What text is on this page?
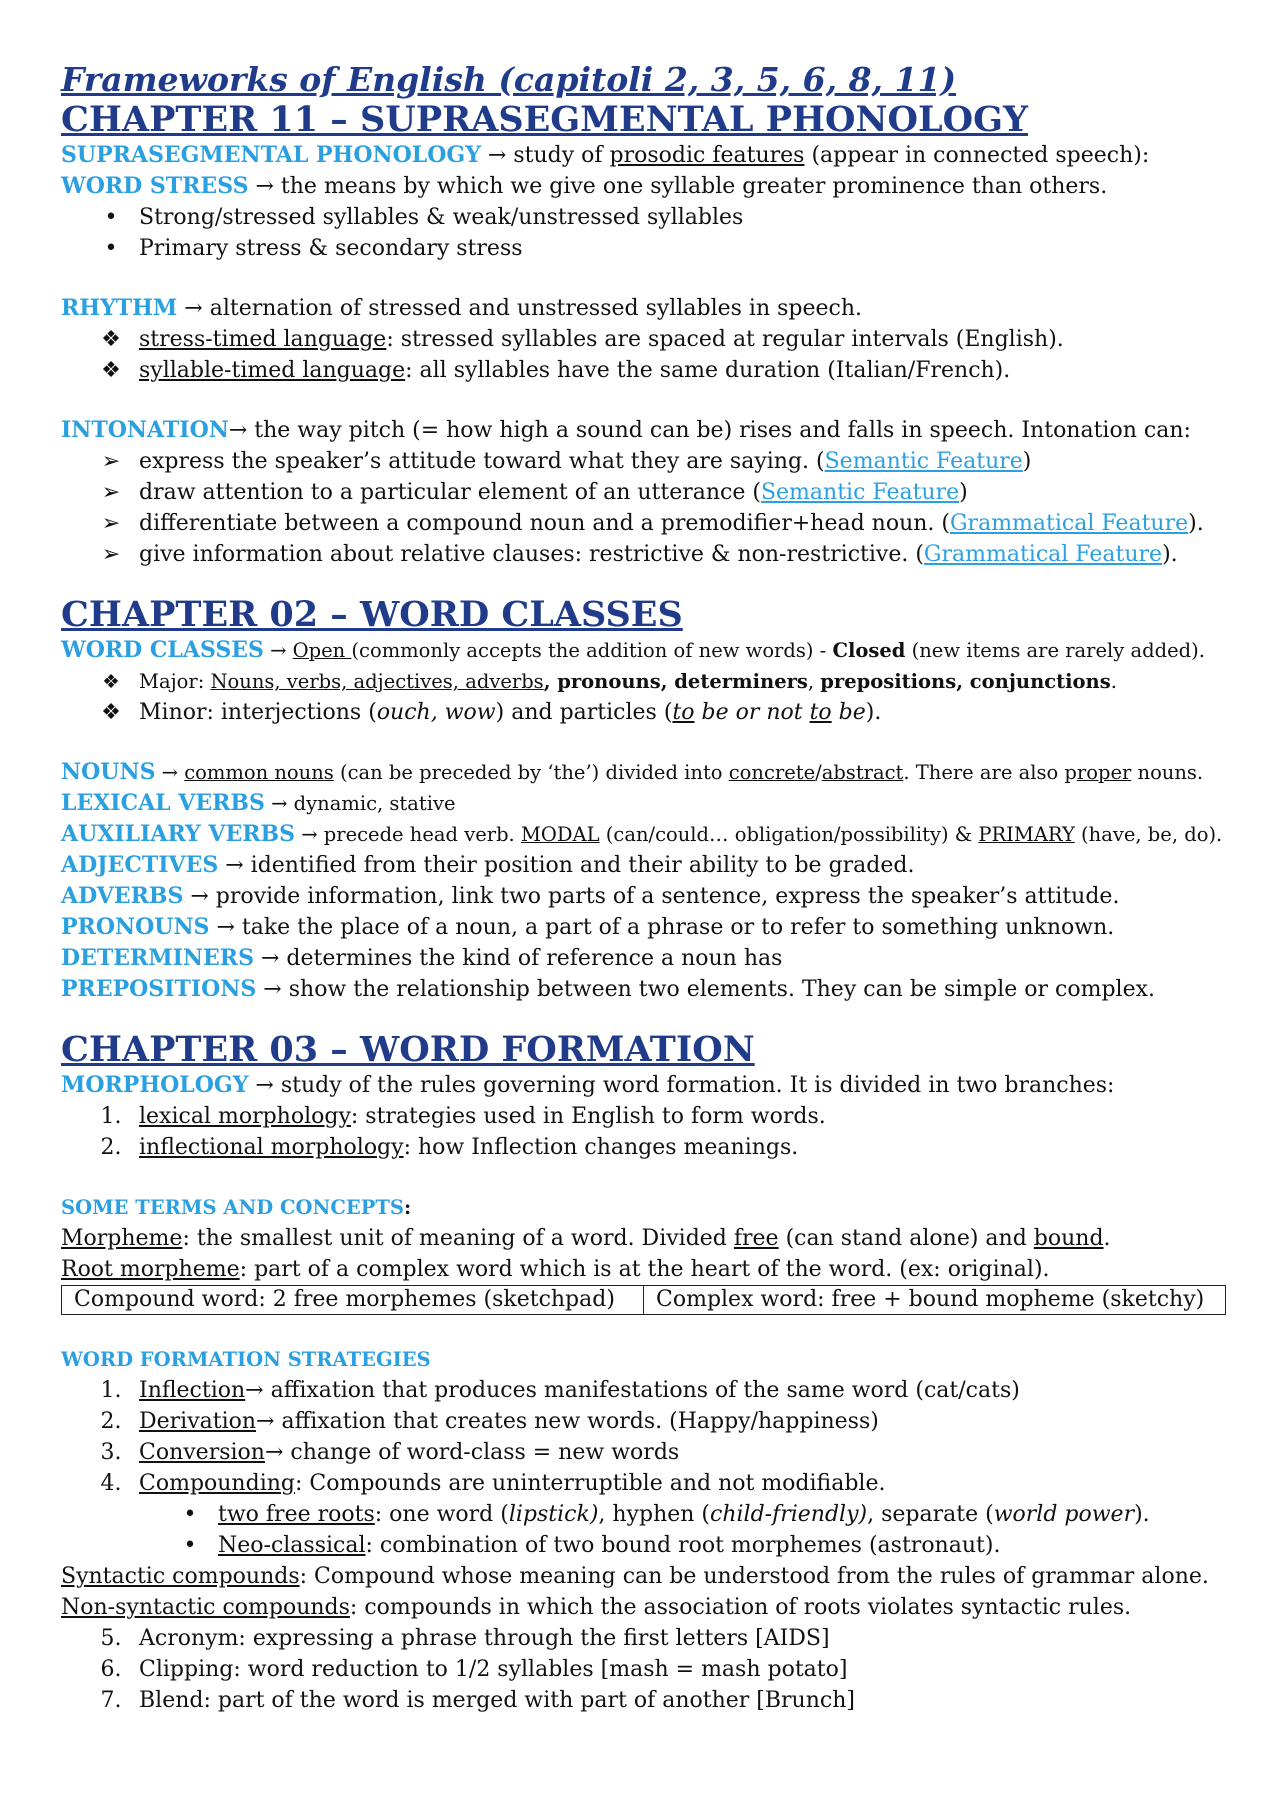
Frameworks of English (capitoli 2, 3, 5, 6, 8, 11)
CHAPTER 11 – SUPRASEGMENTAL PHONOLOGY
SUPRASEGMENTAL PHONOLOGY → study of prosodic features (appear in connected speech):
WORD STRESS → the means by which we give one syllable greater prominence than others.
• Strong/stressed syllables & weak/unstressed syllables
• Primary stress & secondary stress
RHYTHM → alternation of stressed and unstressed syllables in speech.
❖ stress-timed language: stressed syllables are spaced at regular intervals (English).
❖ syllable-timed language: all syllables have the same duration (Italian/French).
INTONATION→ the way pitch (= how high a sound can be) rises and falls in speech. Intonation can:
➢ express the speaker’s attitude toward what they are saying. (Semantic Feature)
➢ draw attention to a particular element of an utterance (Semantic Feature)
➢ differentiate between a compound noun and a premodifier+head noun. (Grammatical Feature).
➢ give information about relative clauses: restrictive & non-restrictive. (Grammatical Feature).
CHAPTER 02 – WORD CLASSES
WORD CLASSES → Open (commonly accepts the addition of new words) - Closed (new items are rarely added).
❖ Major: Nouns, verbs, adjectives, adverbs, pronouns, determiners, prepositions, conjunctions.
❖ Minor: interjections (ouch, wow) and particles (to be or not to be).
NOUNS → common nouns (can be preceded by ‘the’) divided into concrete/abstract. There are also proper nouns.
LEXICAL VERBS → dynamic, stative
AUXILIARY VERBS → precede head verb. MODAL (can/could… obligation/possibility) & PRIMARY (have, be, do).
ADJECTIVES → identified from their position and their ability to be graded.
ADVERBS → provide information, link two parts of a sentence, express the speaker’s attitude.
PRONOUNS → take the place of a noun, a part of a phrase or to refer to something unknown.
DETERMINERS → determines the kind of reference a noun has
PREPOSITIONS → show the relationship between two elements. They can be simple or complex.
CHAPTER 03 – WORD FORMATION
MORPHOLOGY → study of the rules governing word formation. It is divided in two branches:
1. lexical morphology: strategies used in English to form words.
2. inflectional morphology: how Inflection changes meanings.
SOME TERMS AND CONCEPTS:
Morpheme: the smallest unit of meaning of a word. Divided free (can stand alone) and bound.
Root morpheme: part of a complex word which is at the heart of the word. (ex: original).
Compound word: 2 free morphemes (sketchpad)	Complex word: free + bound mopheme (sketchy)
WORD FORMATION STRATEGIES
1. Inflection→ affixation that produces manifestations of the same word (cat/cats)
2. Derivation→ affixation that creates new words. (Happy/happiness)
3. Conversion→ change of word-class = new words
4. Compounding: Compounds are uninterruptible and not modifiable.
• two free roots: one word (lipstick), hyphen (child-friendly), separate (world power).
• Neo-classical: combination of two bound root morphemes (astronaut).
Syntactic compounds: Compound whose meaning can be understood from the rules of grammar alone.
Non-syntactic compounds: compounds in which the association of roots violates syntactic rules.
5. Acronym: expressing a phrase through the first letters [AIDS]
6. Clipping: word reduction to 1/2 syllables [mash = mash potato]
7. Blend: part of the word is merged with part of another [Brunch]
